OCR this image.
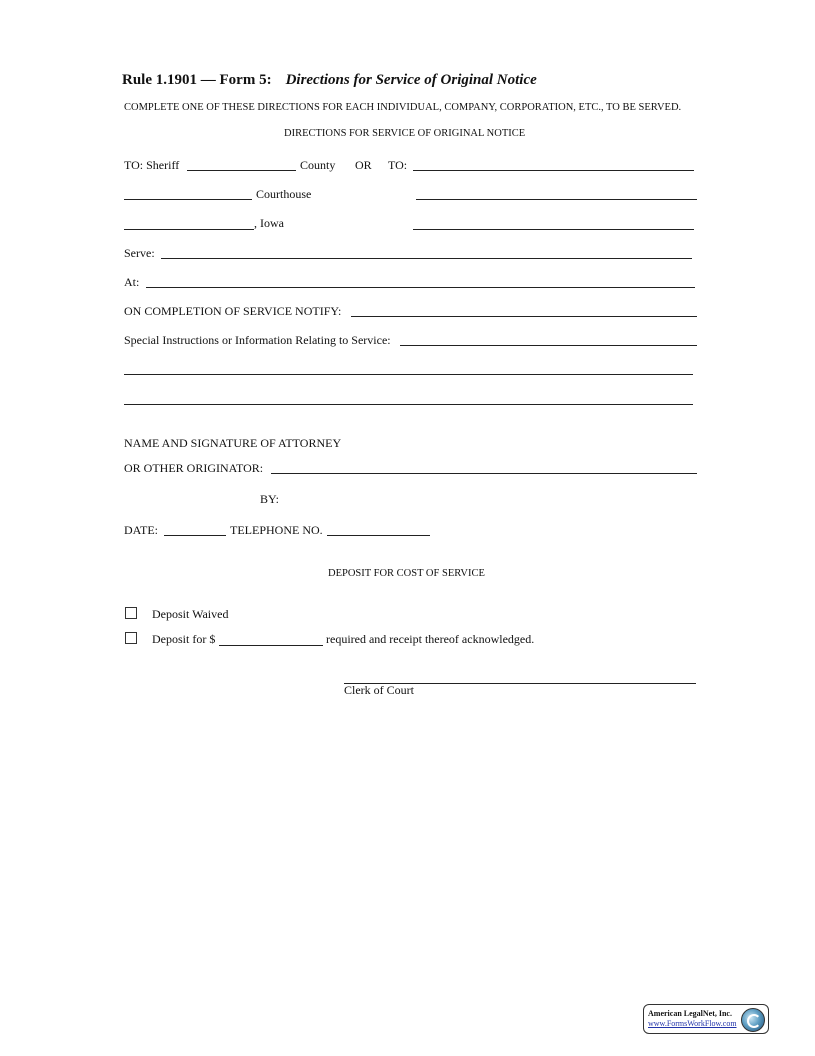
Rule 1.1901 — Form 5: Directions for Service of Original Notice
COMPLETE ONE OF THESE DIRECTIONS FOR EACH INDIVIDUAL, COMPANY, CORPORATION, ETC., TO BE SERVED.
DIRECTIONS FOR SERVICE OF ORIGINAL NOTICE
TO: Sheriff	County OR TO:
Courthouse
, Iowa
Serve:
At:
ON COMPLETION OF SERVICE NOTIFY:
Special Instructions or Information Relating to Service:
NAME AND SIGNATURE OF ATTORNEY
OR OTHER ORIGINATOR:
BY:
DATE:	TELEPHONE NO.
DEPOSIT FOR COST OF SERVICE
Deposit Waived
Deposit for $	required and receipt thereof acknowledged.
Clerk of Court
American LegalNet, Inc.
www.FormsWorkFlow.com
